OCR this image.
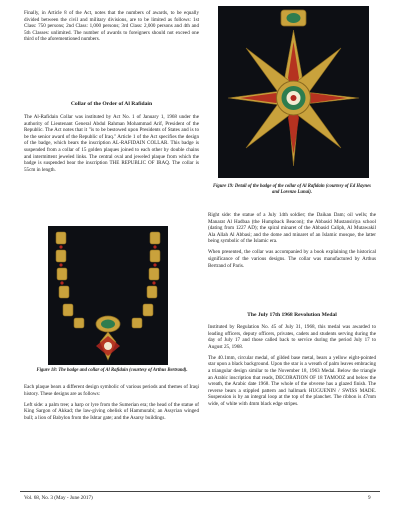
Finally, in Article 8 of the Act, notes that the numbers of awards, to be equally divided between the civil and military divisions, are to be limited as follows: 1st Class: 750 persons; 2nd Class: 1,000 persons; 3rd Class: 2,000 persons and 4th and 5th Classes: unlimited. The number of awards to foreigners should not exceed one third of the aforementioned numbers.

Collar of the Order of Al Rafidain

The Al-Rafidain Collar was instituted by Act No. 1 of January 1, 1968 under the authority of Lieutenant General Abdul Rahman Mohammad Arif, President of the Republic. The Act notes that it "is to be bestowed upon Presidents of States and is to be the senior award of the Republic of Iraq." Article 1 of the Act specifies the design of the badge, which bears the inscription AL-RAFIDAIN COLLAR. This badge is suspended from a collar of 15 golden plaques joined to each other by double chains and intermittent jeweled links. The central oval and jeweled plaque from which the badge is suspended bear the inscription THE REPUBLIC OF IRAQ. The collar is 55cm in length.

Figure 18: The badge and collar of Al Rafidain (courtesy of Arthus Bertrand).

Each plaque bears a different design symbolic of various periods and themes of Iraqi history. These designs are as follows:

Left side: a palm tree; a harp or lyre from the Sumerian era; the head of the statue of King Sargon of Akkad; the law-giving obelisk of Hammurabi; an Assyrian winged bull; a lion of Babylon from the Ishtar gate; and the Asarsy buildings.

Figure 19: Detail of the badge of the collar of Al Rafidain (courtesy of Ed Haynes and Lorenzo Lunai).

Right side: the statue of a July 14th soldier; the Daikan Dam; oil wells; the Manarat Al Hadbaa (the Humpback Beacon); the Abbasid Mustansiriya school (dating from 1227 AD); the spiral minaret of the Abbasid Caliph, Al Mutawakil Ala Allah Al Abbasi; and the dome and minaret of an Islamic mosque, the latter being symbolic of the Islamic era.

When presented, the collar was accompanied by a book explaining the historical significance of the various designs. The collar was manufactured by Arthus Bertrand of Paris.

The July 17th 1968 Revolution Medal

Instituted by Regulation No. 45 of July 31, 1968, this medal was awarded to leading officers, deputy officers, privates, cadets and students serving during the day of July 17 and those called back to service during the period July 17 to August 25, 1968.

The 40.1mm, circular medal, of gilded base metal, bears a yellow eight-pointed star upon a black background. Upon the star is a wreath of palm leaves embracing a triangular design similar to the November 18, 1963 Medal. Below the triangle an Arabic inscription that reads, DECORATION OF 18 TAMOOZ and below the wreath, the Arabic date 1968. The whole of the obverse has a glazed finish. The reverse bears a stippled pattern and hallmark HUGUENIN / SWISS MADE. Suspension is by an integral loop at the top of the planchet. The ribbon is 47mm wide, of white with 4mm black edge stripes.

Vol. 68, No. 3 (May - June 2017)	9
